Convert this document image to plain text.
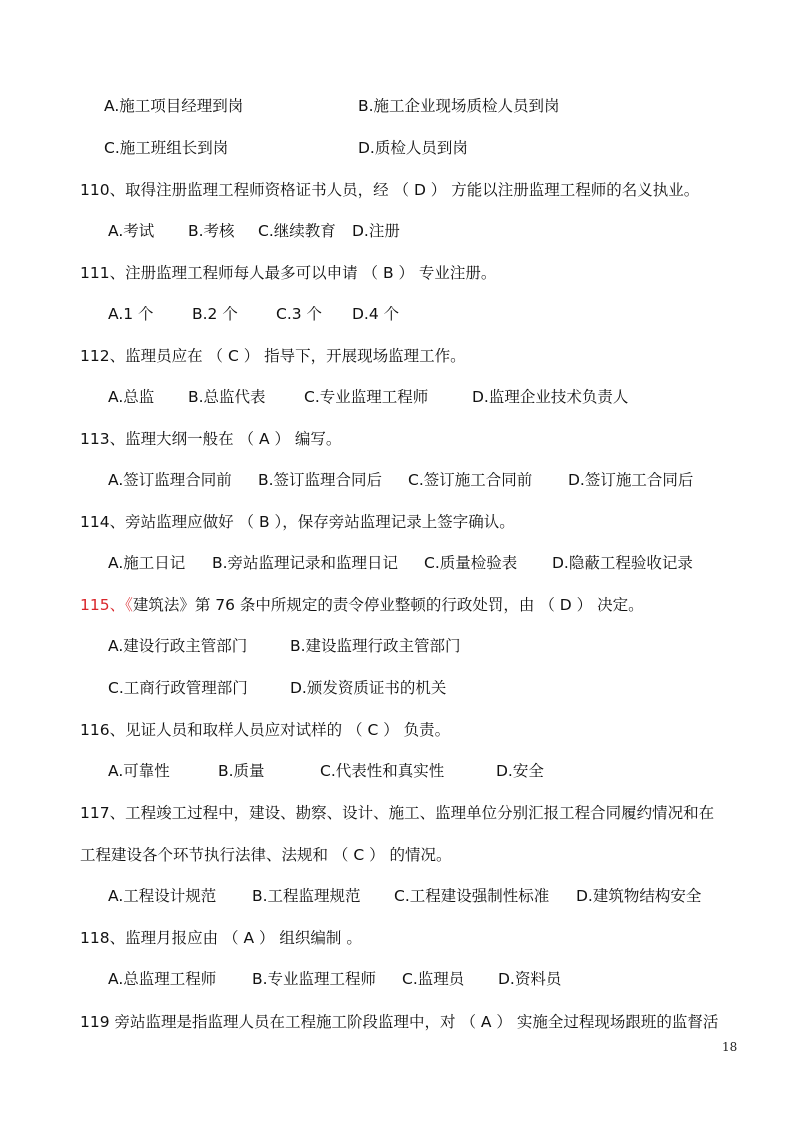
A.施工项目经理到岗	B.施工企业现场质检人员到岗
C.施工班组长到岗	D.质检人员到岗
110、取得注册监理工程师资格证书人员，经 （ D ） 方能以注册监理工程师的名义执业。
A.考试 B.考核 C.继续教育 D.注册
111、注册监理工程师每人最多可以申请 （ B ） 专业注册。
A.1 个 B.2 个 C.3 个 D.4 个
112、监理员应在 （ C ） 指导下，开展现场监理工作。
A.总监 B.总监代表 C.专业监理工程师	D.监理企业技术负责人
113、监理大纲一般在 （ A ） 编写。
A.签订监理合同前 B.签订监理合同后 C.签订施工合同前 D.签订施工合同后
114、旁站监理应做好 （ B ），保存旁站监理记录上签字确认。
A.施工日记 B.旁站监理记录和监理日记 C.质量检验表 D.隐蔽工程验收记录
115、《建筑法》第 76 条中所规定的责令停业整顿的行政处罚，由 （ D ） 决定。
A.建设行政主管部门	B.建设监理行政主管部门
C.工商行政管理部门	D.颁发资质证书的机关
116、见证人员和取样人员应对试样的 （ C ） 负责。
A.可靠性	B.质量	C.代表性和真实性	D.安全
117、工程竣工过程中，建设、勘察、设计、施工、监理单位分别汇报工程合同履约情况和在
工程建设各个环节执行法律、法规和 （ C ） 的情况。
A.工程设计规范 B.工程监理规范 C.工程建设强制性标准 D.建筑物结构安全
118、监理月报应由 （ A ） 组织编制 。
A.总监理工程师 B.专业监理工程师 C.监理员 D.资料员
119 旁站监理是指监理人员在工程施工阶段监理中，对 （ A ） 实施全过程现场跟班的监督活
18
